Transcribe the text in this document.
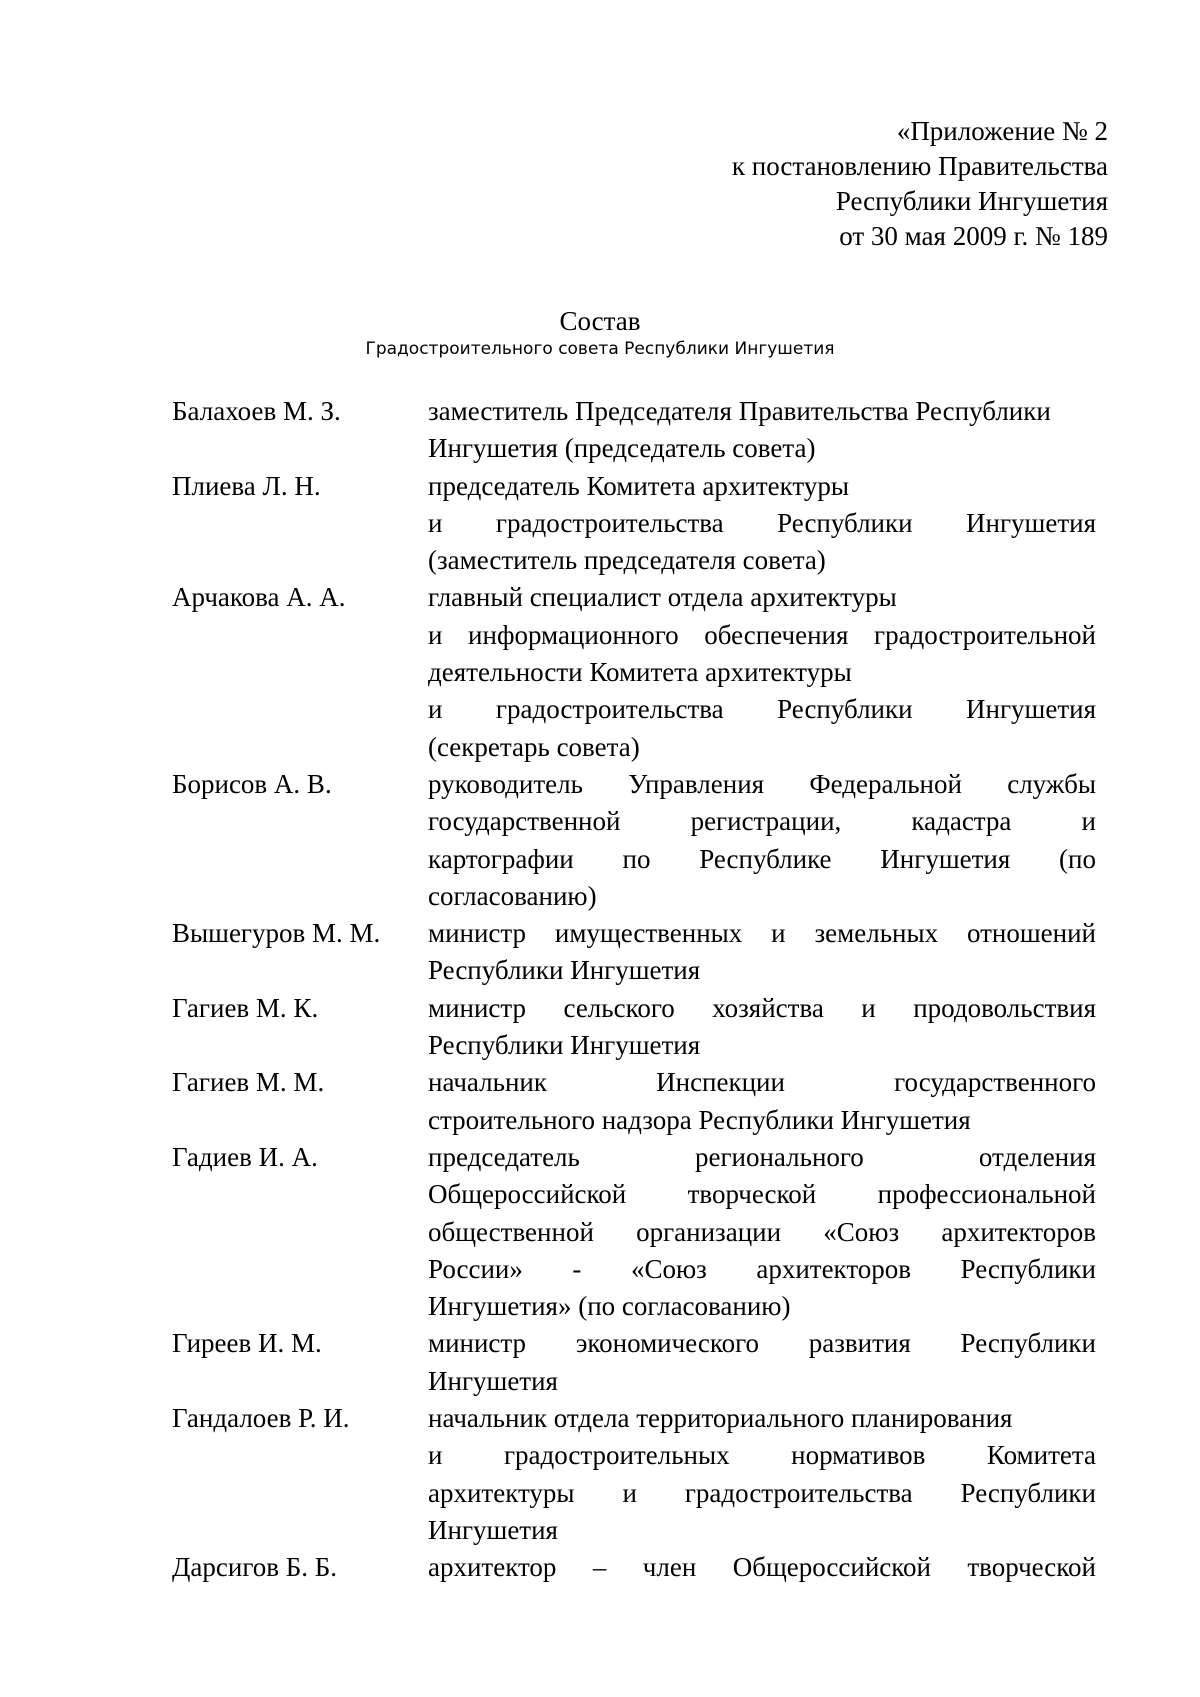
«Приложение № 2
к постановлению Правительства
Республики Ингушетия
от 30 мая 2009 г. № 189
Состав
Градостроительного совета Республики Ингушетия
Балахоев М. З.	заместитель Председателя Правительства Республики
Ингушетия (председатель совета)
Плиева Л. Н.	председатель Комитета архитектуры
и градостроительства Республики Ингушетия
(заместитель председателя совета)
Арчакова А. А.	главный специалист отдела архитектуры
и информационного обеспечения градостроительной
деятельности Комитета архитектуры
и градостроительства Республики Ингушетия
(секретарь совета)
Борисов А. В.	руководитель Управления Федеральной службы
государственной регистрации, кадастра и
картографии по Республике Ингушетия (по
согласованию)
Вышегуров М. М.	министр имущественных и земельных отношений
Республики Ингушетия
Гагиев М. К.	министр сельского хозяйства и продовольствия
Республики Ингушетия
Гагиев М. М.	начальник Инспекции государственного
строительного надзора Республики Ингушетия
Гадиев И. А.	председатель регионального отделения
Общероссийской творческой профессиональной
общественной организации «Союз архитекторов
России» - «Союз архитекторов Республики
Ингушетия» (по согласованию)
Гиреев И. М.	министр экономического развития Республики
Ингушетия
Гандалоев Р. И.	начальник отдела территориального планирования
и градостроительных нормативов Комитета
архитектуры и градостроительства Республики
Ингушетия
Дарсигов Б. Б.	архитектор – член Общероссийской творческой
